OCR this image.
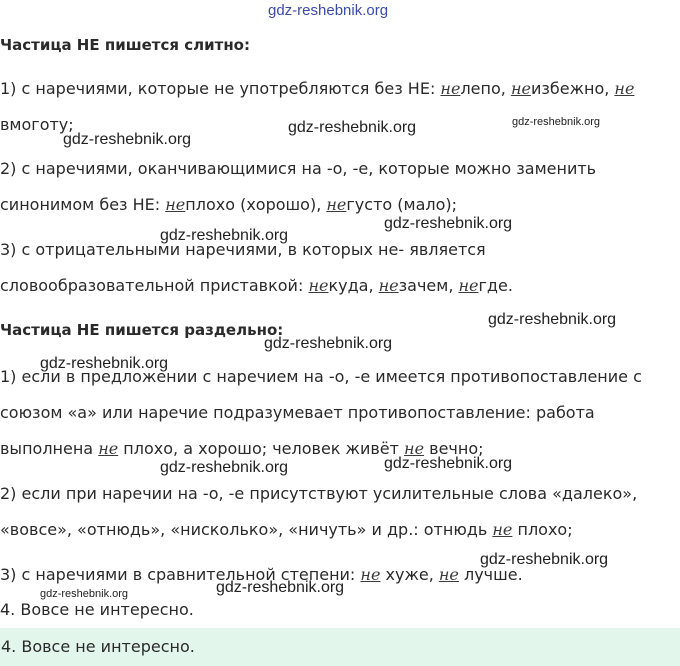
gdz-reshebnik.org
gdz-reshebnik.org	gdz-reshebnik.org
gdz-reshebnik.org
gdz-reshebnik.org
gdz-reshebnik.org
gdz-reshebnik.org
gdz-reshebnik.org
gdz-reshebnik.org
gdz-reshebnik.org
gdz-reshebnik.org
gdz-reshebnik.org
gdz-reshebnik.org
gdz-reshebnik.org
Частица НЕ пишется слитно:
1) с наречиями, которые не употребляются без НЕ: нелепо, неизбежно, не
вмоготу;
2) с наречиями, оканчивающимися на -о, -е, которые можно заменить
синонимом без НЕ: неплохо (хорошо), негусто (мало);
3) с отрицательными наречиями, в которых не- является
словообразовательной приставкой: некуда, незачем, негде.
Частица НЕ пишется раздельно:
1) если в предложении с наречием на -о, -е имеется противопоставление с
союзом «а» или наречие подразумевает противопоставление: работа
выполнена не плохо, а хорошо; человек живёт не вечно;
2) если при наречии на -о, -е присутствуют усилительные слова «далеко»,
«вовсе», «отнюдь», «нисколько», «ничуть» и др.: отнюдь не плохо;
3) с наречиями в сравнительной степени: не хуже, не лучше.
4. Вовсе не интересно.
4. Вовсе не интересно.
